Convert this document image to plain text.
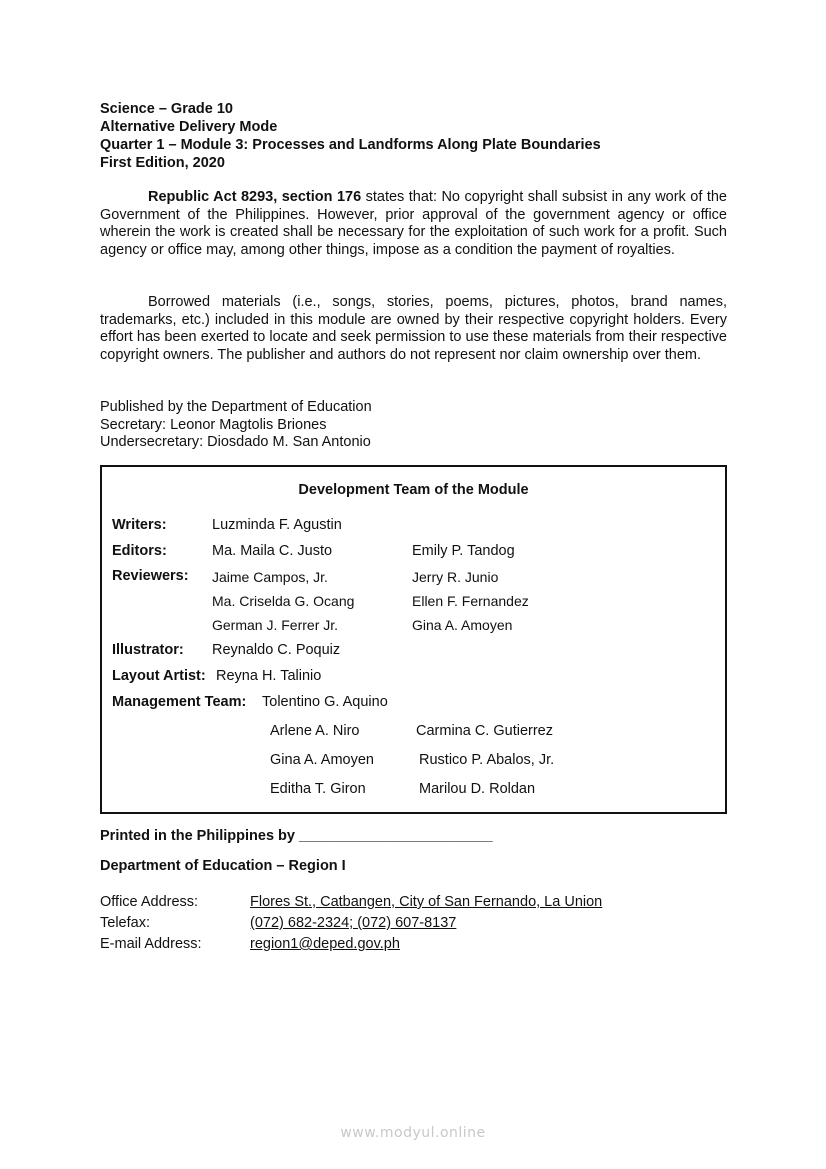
Science – Grade 10
Alternative Delivery Mode
Quarter 1 – Module 3: Processes and Landforms Along Plate Boundaries
First Edition, 2020
Republic Act 8293, section 176 states that: No copyright shall subsist in any work of the Government of the Philippines. However, prior approval of the government agency or office wherein the work is created shall be necessary for the exploitation of such work for a profit. Such agency or office may, among other things, impose as a condition the payment of royalties.
Borrowed materials (i.e., songs, stories, poems, pictures, photos, brand names, trademarks, etc.) included in this module are owned by their respective copyright holders. Every effort has been exerted to locate and seek permission to use these materials from their respective copyright owners. The publisher and authors do not represent nor claim ownership over them.
Published by the Department of Education
Secretary: Leonor Magtolis Briones
Undersecretary: Diosdado M. San Antonio
Development Team of the Module
Writers:	Luzminda F. Agustin
Editors:	Ma. Maila C. Justo	Emily P. Tandog
Reviewers: Jaime Campos, Jr.	Jerry R. Junio
Ma. Criselda G. Ocang	Ellen F. Fernandez
German J. Ferrer Jr.	Gina A. Amoyen
Illustrator: Reynaldo C. Poquiz
Layout Artist: Reyna H. Talinio
Management Team: Tolentino G. Aquino
Arlene A. Niro	Carmina C. Gutierrez
Gina A. Amoyen	Rustico P. Abalos, Jr.
Editha T. Giron	Marilou D. Roldan
Printed in the Philippines by ________________________
Department of Education – Region I
Office Address:	Flores St., Catbangen, City of San Fernando, La Union
Telefax:	(072) 682-2324; (072) 607-8137
E-mail Address:	region1@deped.gov.ph
www.modyul.online
